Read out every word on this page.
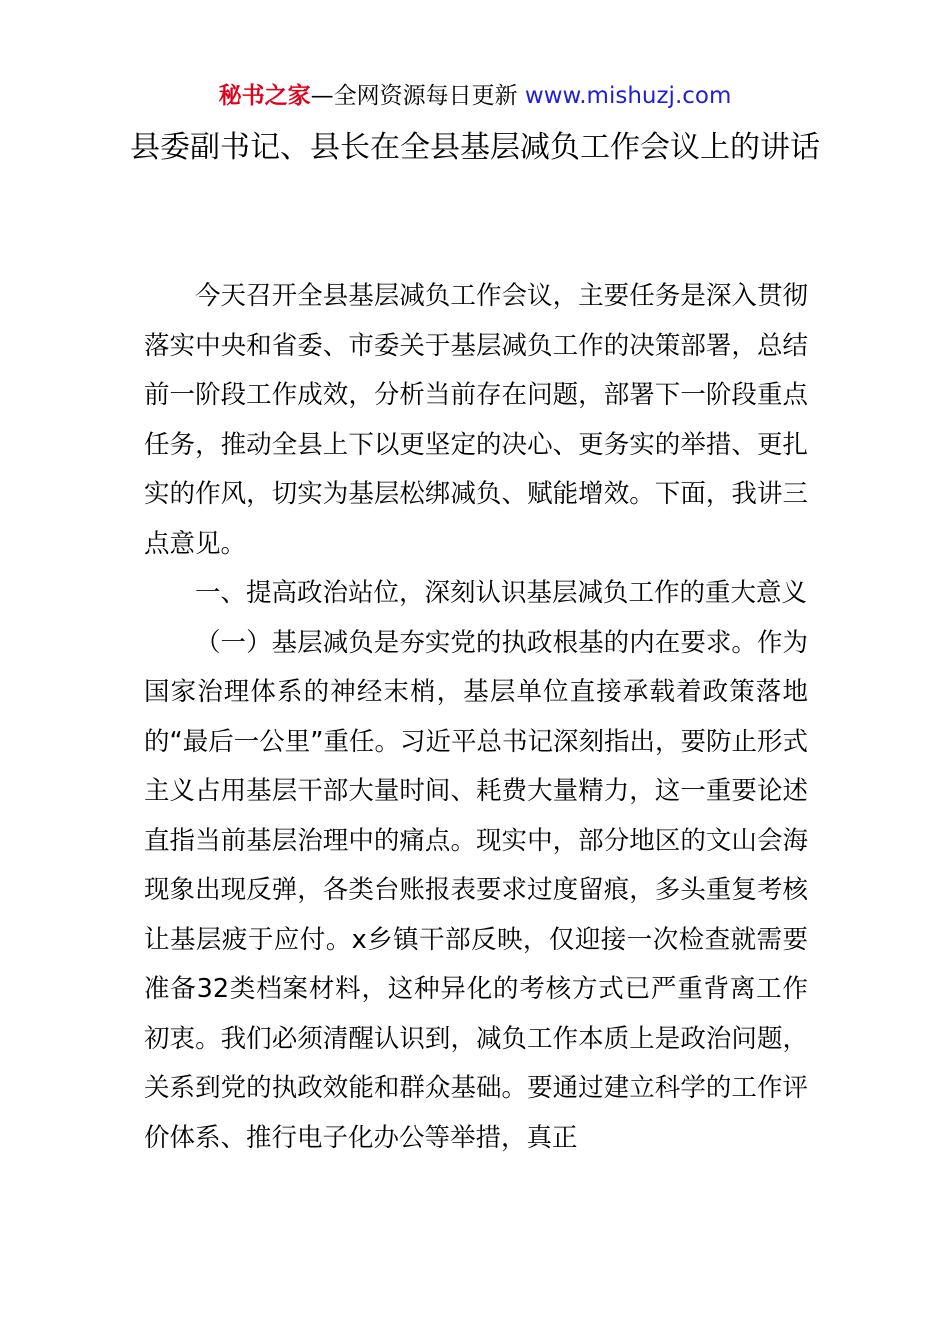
秘书之家—全网资源每日更新 www.mishuzj.com
县委副书记、县长在全县基层减负工作会议上的讲话

今天召开全县基层减负工作会议，主要任务是深入贯彻落实中央和省委、市委关于基层减负工作的决策部署，总结前一阶段工作成效，分析当前存在问题，部署下一阶段重点任务，推动全县上下以更坚定的决心、更务实的举措、更扎实的作风，切实为基层松绑减负、赋能增效。下面，我讲三点意见。

一、提高政治站位，深刻认识基层减负工作的重大意义

（一）基层减负是夯实党的执政根基的内在要求。作为国家治理体系的神经末梢，基层单位直接承载着政策落地的“最后一公里”重任。习近平总书记深刻指出，要防止形式主义占用基层干部大量时间、耗费大量精力，这一重要论述直指当前基层治理中的痛点。现实中，部分地区的文山会海现象出现反弹，各类台账报表要求过度留痕，多头重复考核让基层疲于应付。x乡镇干部反映，仅迎接一次检查就需要准备32类档案材料，这种异化的考核方式已严重背离工作初衷。我们必须清醒认识到，减负工作本质上是政治问题，关系到党的执政效能和群众基础。要通过建立科学的工作评价体系、推行电子化办公等举措，真正
